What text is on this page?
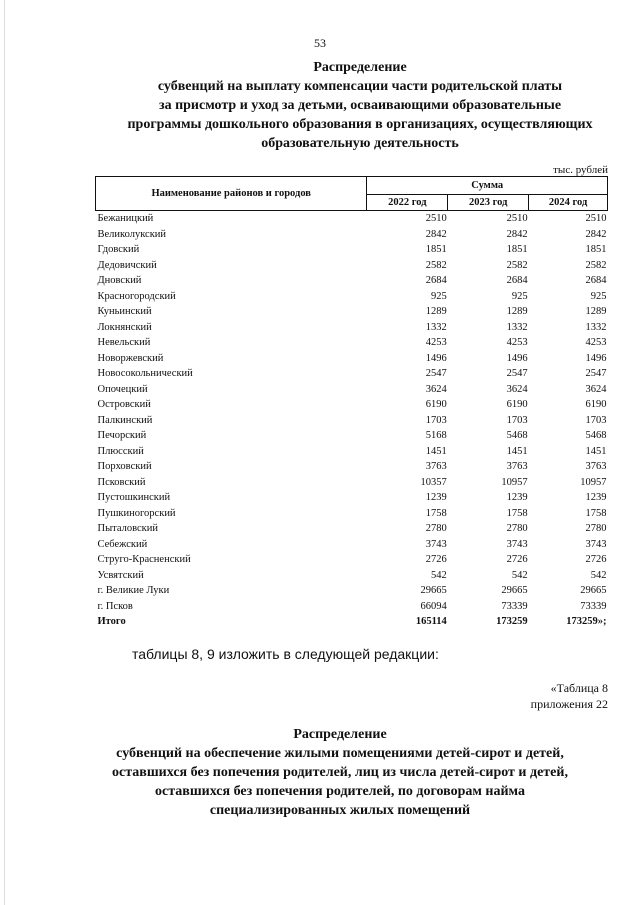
53
Распределение
субвенций на выплату компенсации части родительской платы
за присмотр и уход за детьми, осваивающими образовательные
программы дошкольного образования в организациях, осуществляющих
образовательную деятельность
тыс. рублей
Наименование районов и городов	Сумма		
	2022 год	2023 год	2024 год
Бежаницкий	2510	2510	2510
Великолукский	2842	2842	2842
Гдовский	1851	1851	1851
Дедовичский	2582	2582	2582
Дновский	2684	2684	2684
Красногородский	925	925	925
Куньинский	1289	1289	1289
Локнянский	1332	1332	1332
Невельский	4253	4253	4253
Новоржевский	1496	1496	1496
Новосокольнический	2547	2547	2547
Опочецкий	3624	3624	3624
Островский	6190	6190	6190
Палкинский	1703	1703	1703
Печорский	5168	5468	5468
Плюсский	1451	1451	1451
Порховский	3763	3763	3763
Псковский	10357	10957	10957
Пустошкинский	1239	1239	1239
Пушкиногорский	1758	1758	1758
Пыталовский	2780	2780	2780
Себежский	3743	3743	3743
Струго-Красненский	2726	2726	2726
Усвятский	542	542	542
г. Великие Луки	29665	29665	29665
г. Псков	66094	73339	73339
Итого	165114	173259	173259»;
таблицы 8, 9 изложить в следующей редакции:
«Таблица 8
приложения 22
Распределение
субвенций на обеспечение жилыми помещениями детей-сирот и детей,
оставшихся без попечения родителей, лиц из числа детей-сирот и детей,
оставшихся без попечения родителей, по договорам найма
специализированных жилых помещений
